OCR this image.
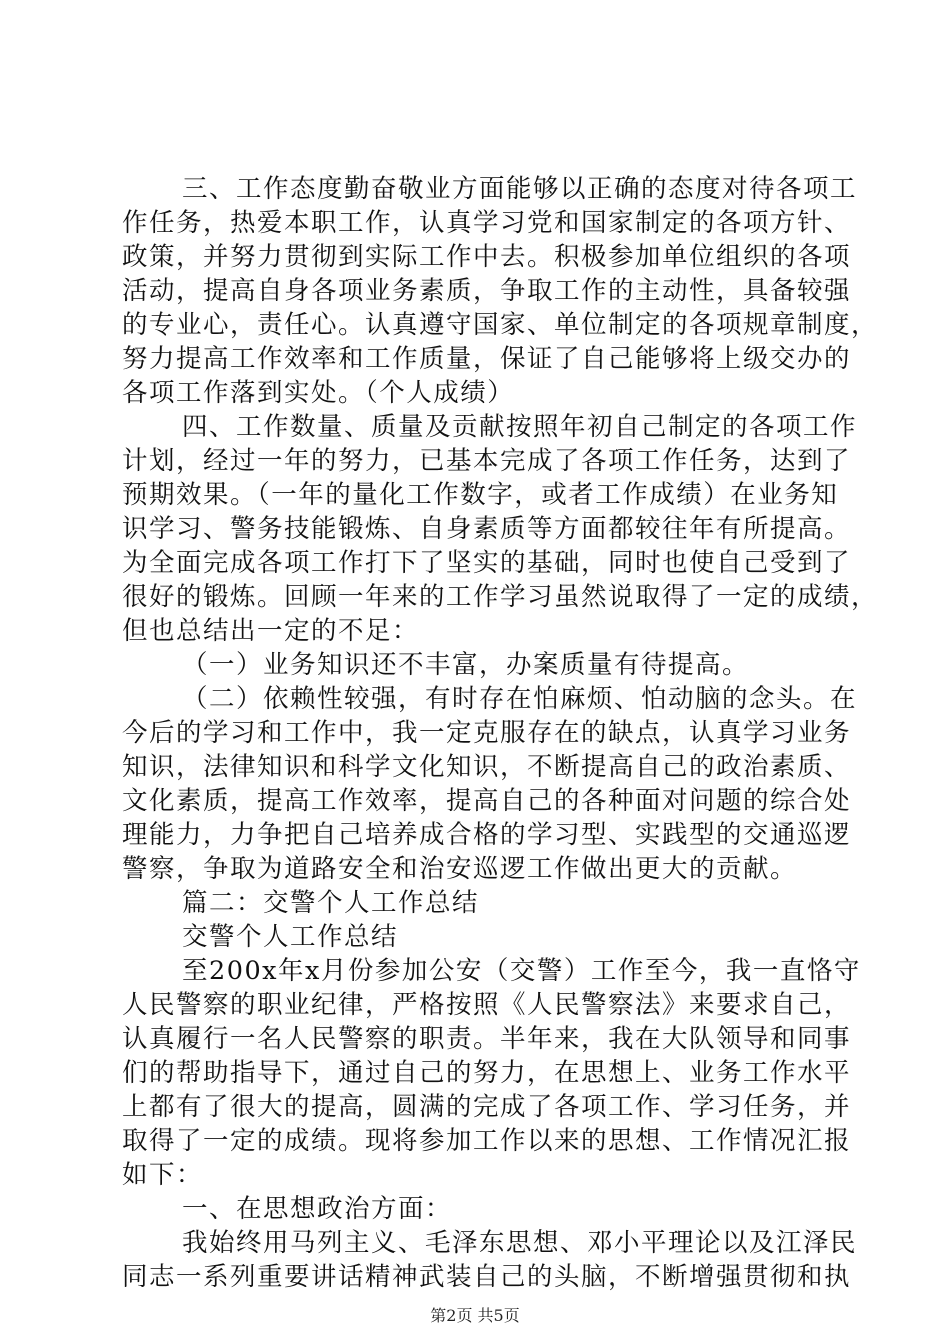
三、工作态度勤奋敬业方面能够以正确的态度对待各项工
作任务，热爱本职工作，认真学习党和国家制定的各项方针、
政策，并努力贯彻到实际工作中去。积极参加单位组织的各项
活动，提高自身各项业务素质，争取工作的主动性，具备较强
的专业心，责任心。认真遵守国家、单位制定的各项规章制度，
努力提高工作效率和工作质量，保证了自己能够将上级交办的
各项工作落到实处。（个人成绩）
四、工作数量、质量及贡献按照年初自己制定的各项工作
计划，经过一年的努力，已基本完成了各项工作任务，达到了
预期效果。（一年的量化工作数字，或者工作成绩）在业务知
识学习、警务技能锻炼、自身素质等方面都较往年有所提高。
为全面完成各项工作打下了坚实的基础，同时也使自己受到了
很好的锻炼。回顾一年来的工作学习虽然说取得了一定的成绩，
但也总结出一定的不足：
（一）业务知识还不丰富，办案质量有待提高。
（二）依赖性较强，有时存在怕麻烦、怕动脑的念头。在
今后的学习和工作中，我一定克服存在的缺点，认真学习业务
知识，法律知识和科学文化知识，不断提高自己的政治素质、
文化素质，提高工作效率，提高自己的各种面对问题的综合处
理能力，力争把自己培养成合格的学习型、实践型的交通巡逻
警察，争取为道路安全和治安巡逻工作做出更大的贡献。
篇二：交警个人工作总结
交警个人工作总结
至200x年x月份参加公安（交警）工作至今，我一直恪守
人民警察的职业纪律，严格按照《人民警察法》来要求自己，
认真履行一名人民警察的职责。半年来，我在大队领导和同事
们的帮助指导下，通过自己的努力，在思想上、业务工作水平
上都有了很大的提高，圆满的完成了各项工作、学习任务，并
取得了一定的成绩。现将参加工作以来的思想、工作情况汇报
如下：
一、在思想政治方面：
我始终用马列主义、毛泽东思想、邓小平理论以及江泽民
同志一系列重要讲话精神武装自己的头脑，不断增强贯彻和执
第2页 共5页
